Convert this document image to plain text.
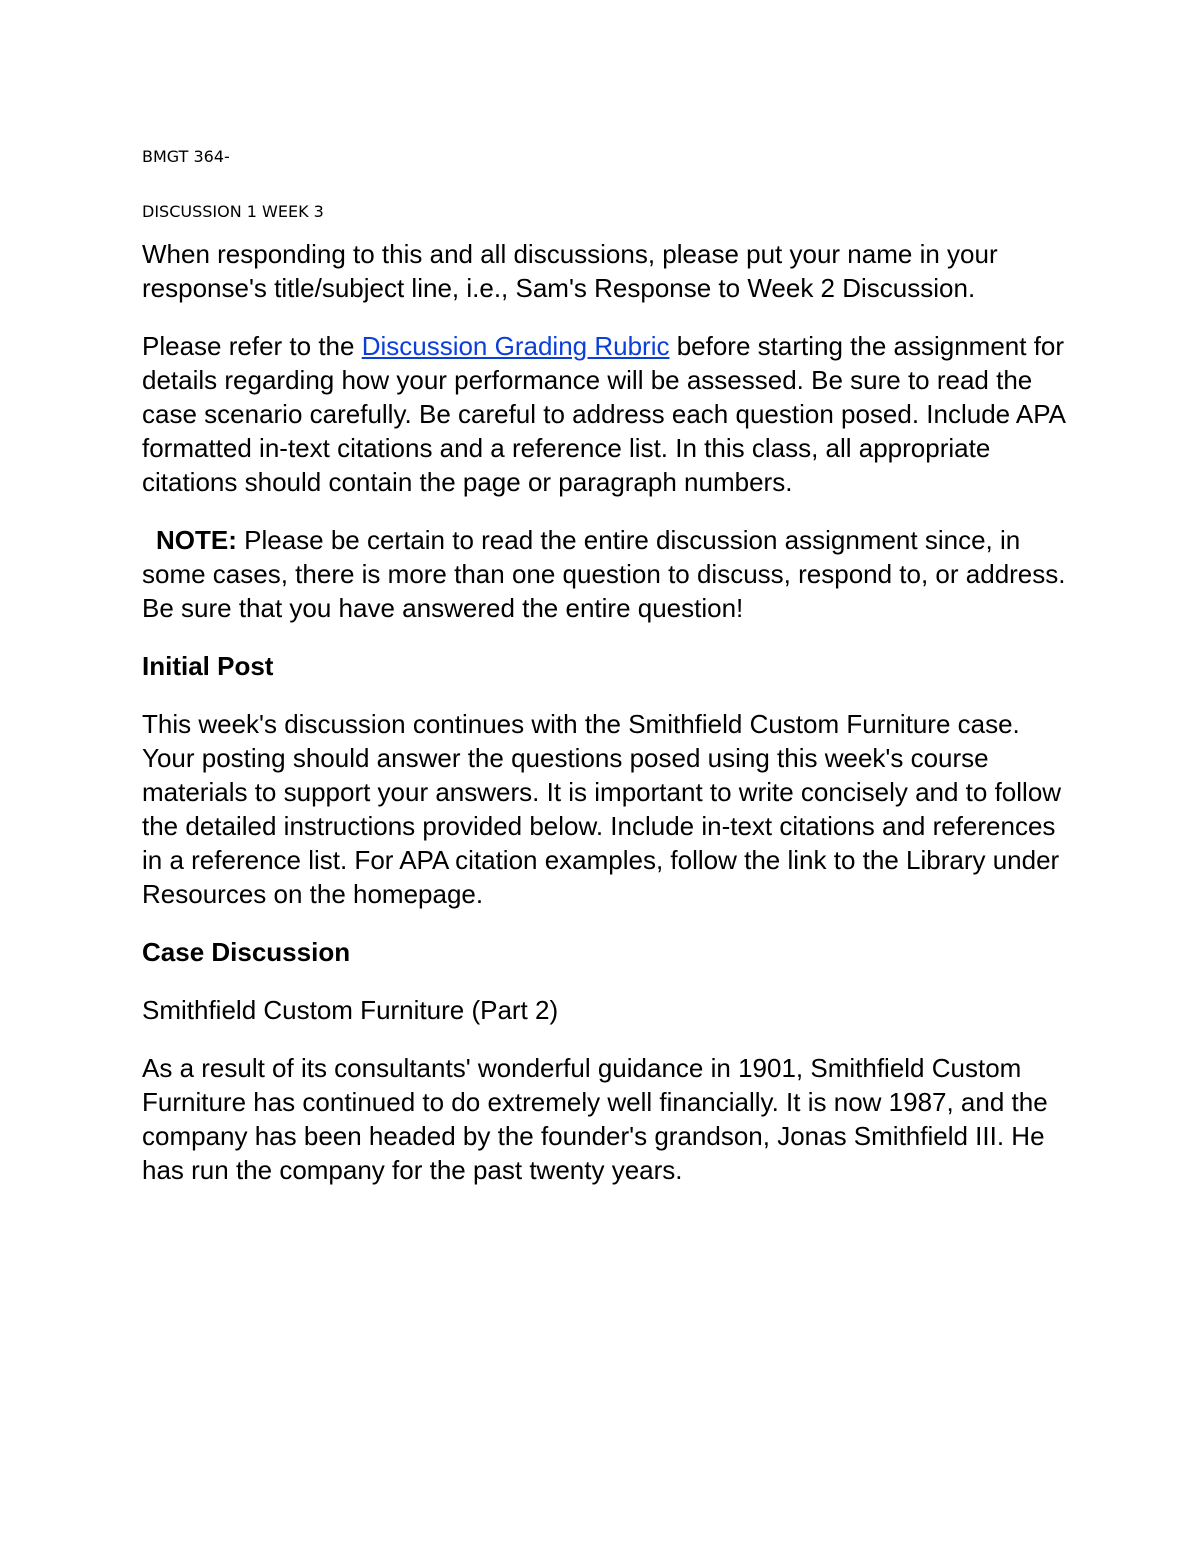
BMGT 364-

DISCUSSION 1 WEEK 3

When responding to this and all discussions, please put your name in your response's title/subject line, i.e., Sam's Response to Week 2 Discussion.

Please refer to the Discussion Grading Rubric before starting the assignment for details regarding how your performance will be assessed. Be sure to read the case scenario carefully. Be careful to address each question posed. Include APA formatted in-text citations and a reference list. In this class, all appropriate citations should contain the page or paragraph numbers.

NOTE: Please be certain to read the entire discussion assignment since, in some cases, there is more than one question to discuss, respond to, or address. Be sure that you have answered the entire question!

Initial Post

This week's discussion continues with the Smithfield Custom Furniture case. Your posting should answer the questions posed using this week's course materials to support your answers. It is important to write concisely and to follow the detailed instructions provided below. Include in-text citations and references in a reference list. For APA citation examples, follow the link to the Library under Resources on the homepage.

Case Discussion

Smithfield Custom Furniture (Part 2)

As a result of its consultants' wonderful guidance in 1901, Smithfield Custom Furniture has continued to do extremely well financially. It is now 1987, and the company has been headed by the founder's grandson, Jonas Smithfield III. He has run the company for the past twenty years.
